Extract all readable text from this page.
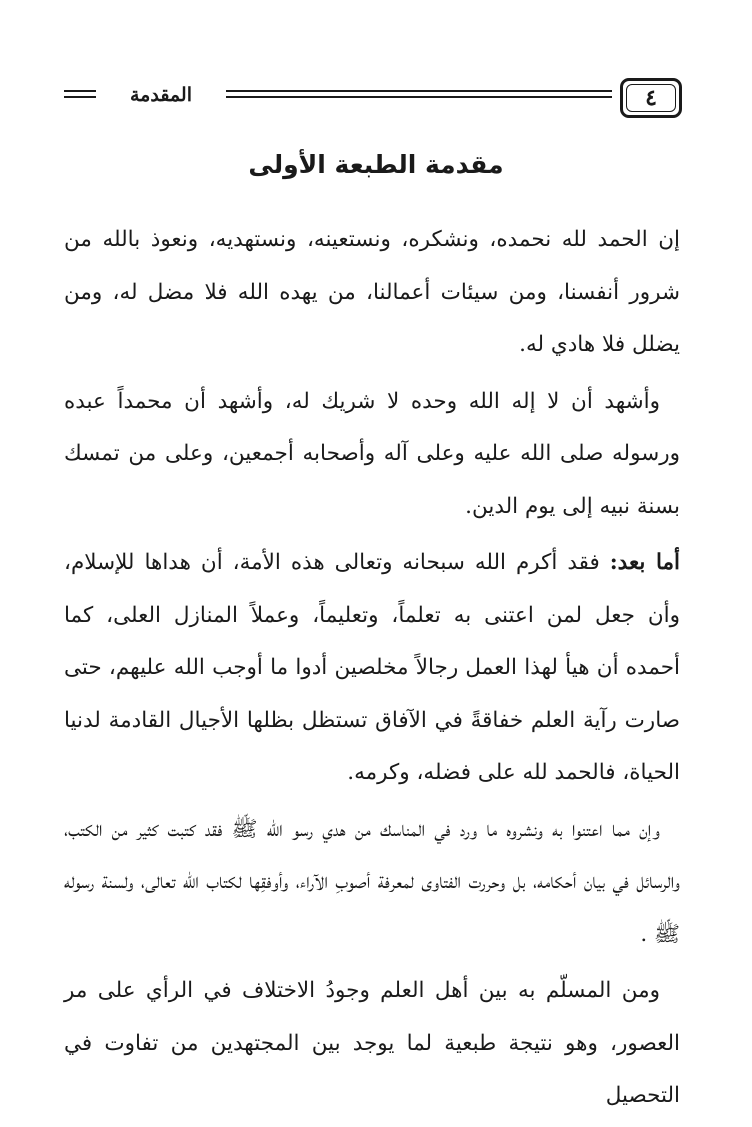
المقدمة	٤
مقدمة الطبعة الأولى

إن الحمد لله نحمده، ونشكره، ونستعينه، ونستهديه، ونعوذ بالله من شرور أنفسنا، ومن سيئات أعمالنا، من يهده الله فلا مضل له، ومن يضلل فلا هادي له.

وأشهد أن لا إله الله وحده لا شريك له، وأشهد أن محمداً عبده ورسوله صلى الله عليه وعلى آله وأصحابه أجمعين، وعلى من تمسك بسنة نبيه إلى يوم الدين.

أما بعد: فقد أكرم الله سبحانه وتعالى هذه الأمة، أن هداها للإسلام، وأن جعل لمن اعتنى به تعلماً، وتعليماً، وعملاً المنازل العلى، كما أحمده أن هيأ لهذا العمل رجالاً مخلصين أدوا ما أوجب الله عليهم، حتى صارت رآية العلم خفاقةً في الآفاق تستظل بظلها الأجيال القادمة لدنيا الحياة، فالحمد لله على فضله، وكرمه.

وإن مما اعتنوا به ونشروه ما ورد في المناسك من هدي رسو الله ﷺ فقد كتبت كثير من الكتب، والرسائل في بيان أحكامه، بل وحررت الفتاوى لمعرفة أصوبِ الآراء، وأوفقِها لكتاب الله تعالى، ولسنة رسوله ﷺ .

ومن المسلّم به بين أهل العلم وجودُ الاختلاف في الرأي على مر العصور، وهو نتيجة طبعية لما يوجد بين المجتهدين من تفاوت في التحصيل
